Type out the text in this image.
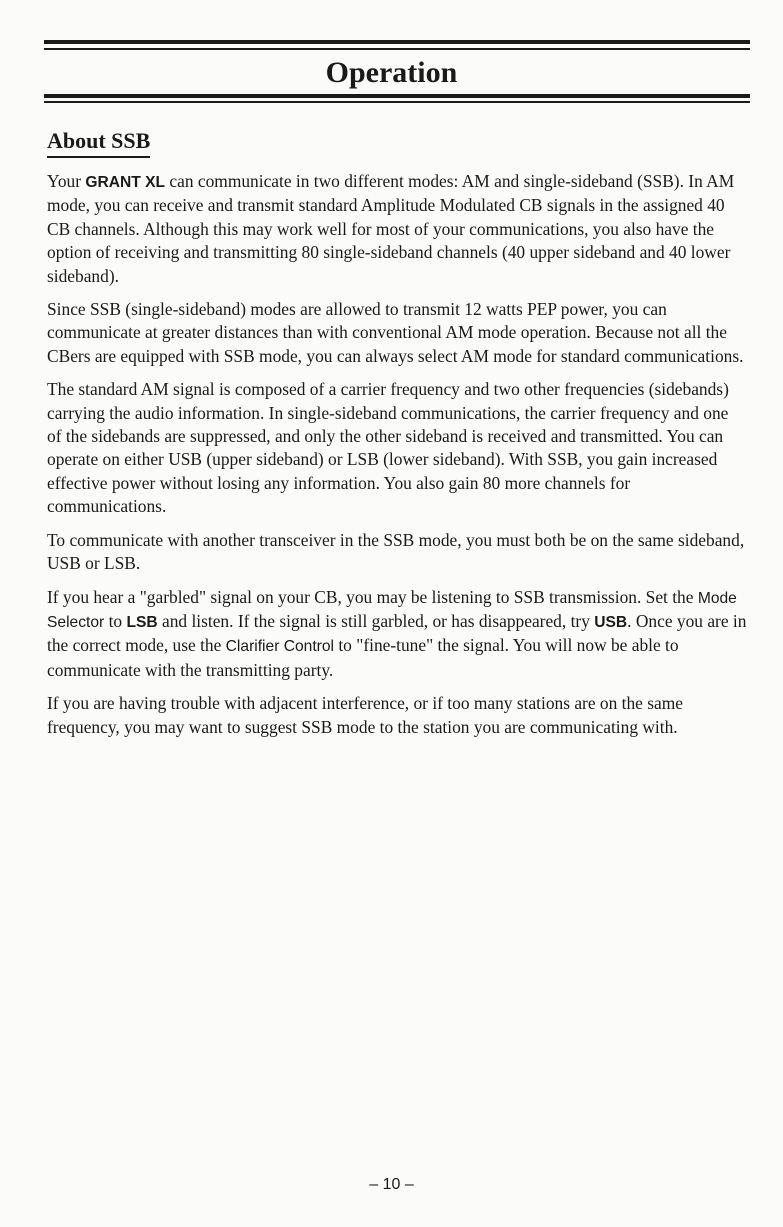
Operation
About SSB

Your GRANT XL can communicate in two different modes: AM and single-sideband (SSB). In AM mode, you can receive and transmit standard Amplitude Modulated CB signals in the assigned 40 CB channels. Although this may work well for most of your communications, you also have the option of receiving and transmitting 80 single-sideband channels (40 upper sideband and 40 lower sideband).

Since SSB (single-sideband) modes are allowed to transmit 12 watts PEP power, you can communicate at greater distances than with conventional AM mode operation. Because not all the CBers are equipped with SSB mode, you can always select AM mode for standard communications.

The standard AM signal is composed of a carrier frequency and two other frequencies (sidebands) carrying the audio information. In single-sideband communications, the carrier frequency and one of the sidebands are suppressed, and only the other sideband is received and transmitted. You can operate on either USB (upper sideband) or LSB (lower sideband). With SSB, you gain increased effective power without losing any information. You also gain 80 more channels for communications.

To communicate with another transceiver in the SSB mode, you must both be on the same sideband, USB or LSB.

If you hear a "garbled" signal on your CB, you may be listening to SSB transmission. Set the Mode Selector to LSB and listen. If the signal is still garbled, or has disappeared, try USB. Once you are in the correct mode, use the Clarifier Control to "fine-tune" the signal. You will now be able to communicate with the transmitting party.

If you are having trouble with adjacent interference, or if too many stations are on the same frequency, you may want to suggest SSB mode to the station you are communicating with.

– 10 –
